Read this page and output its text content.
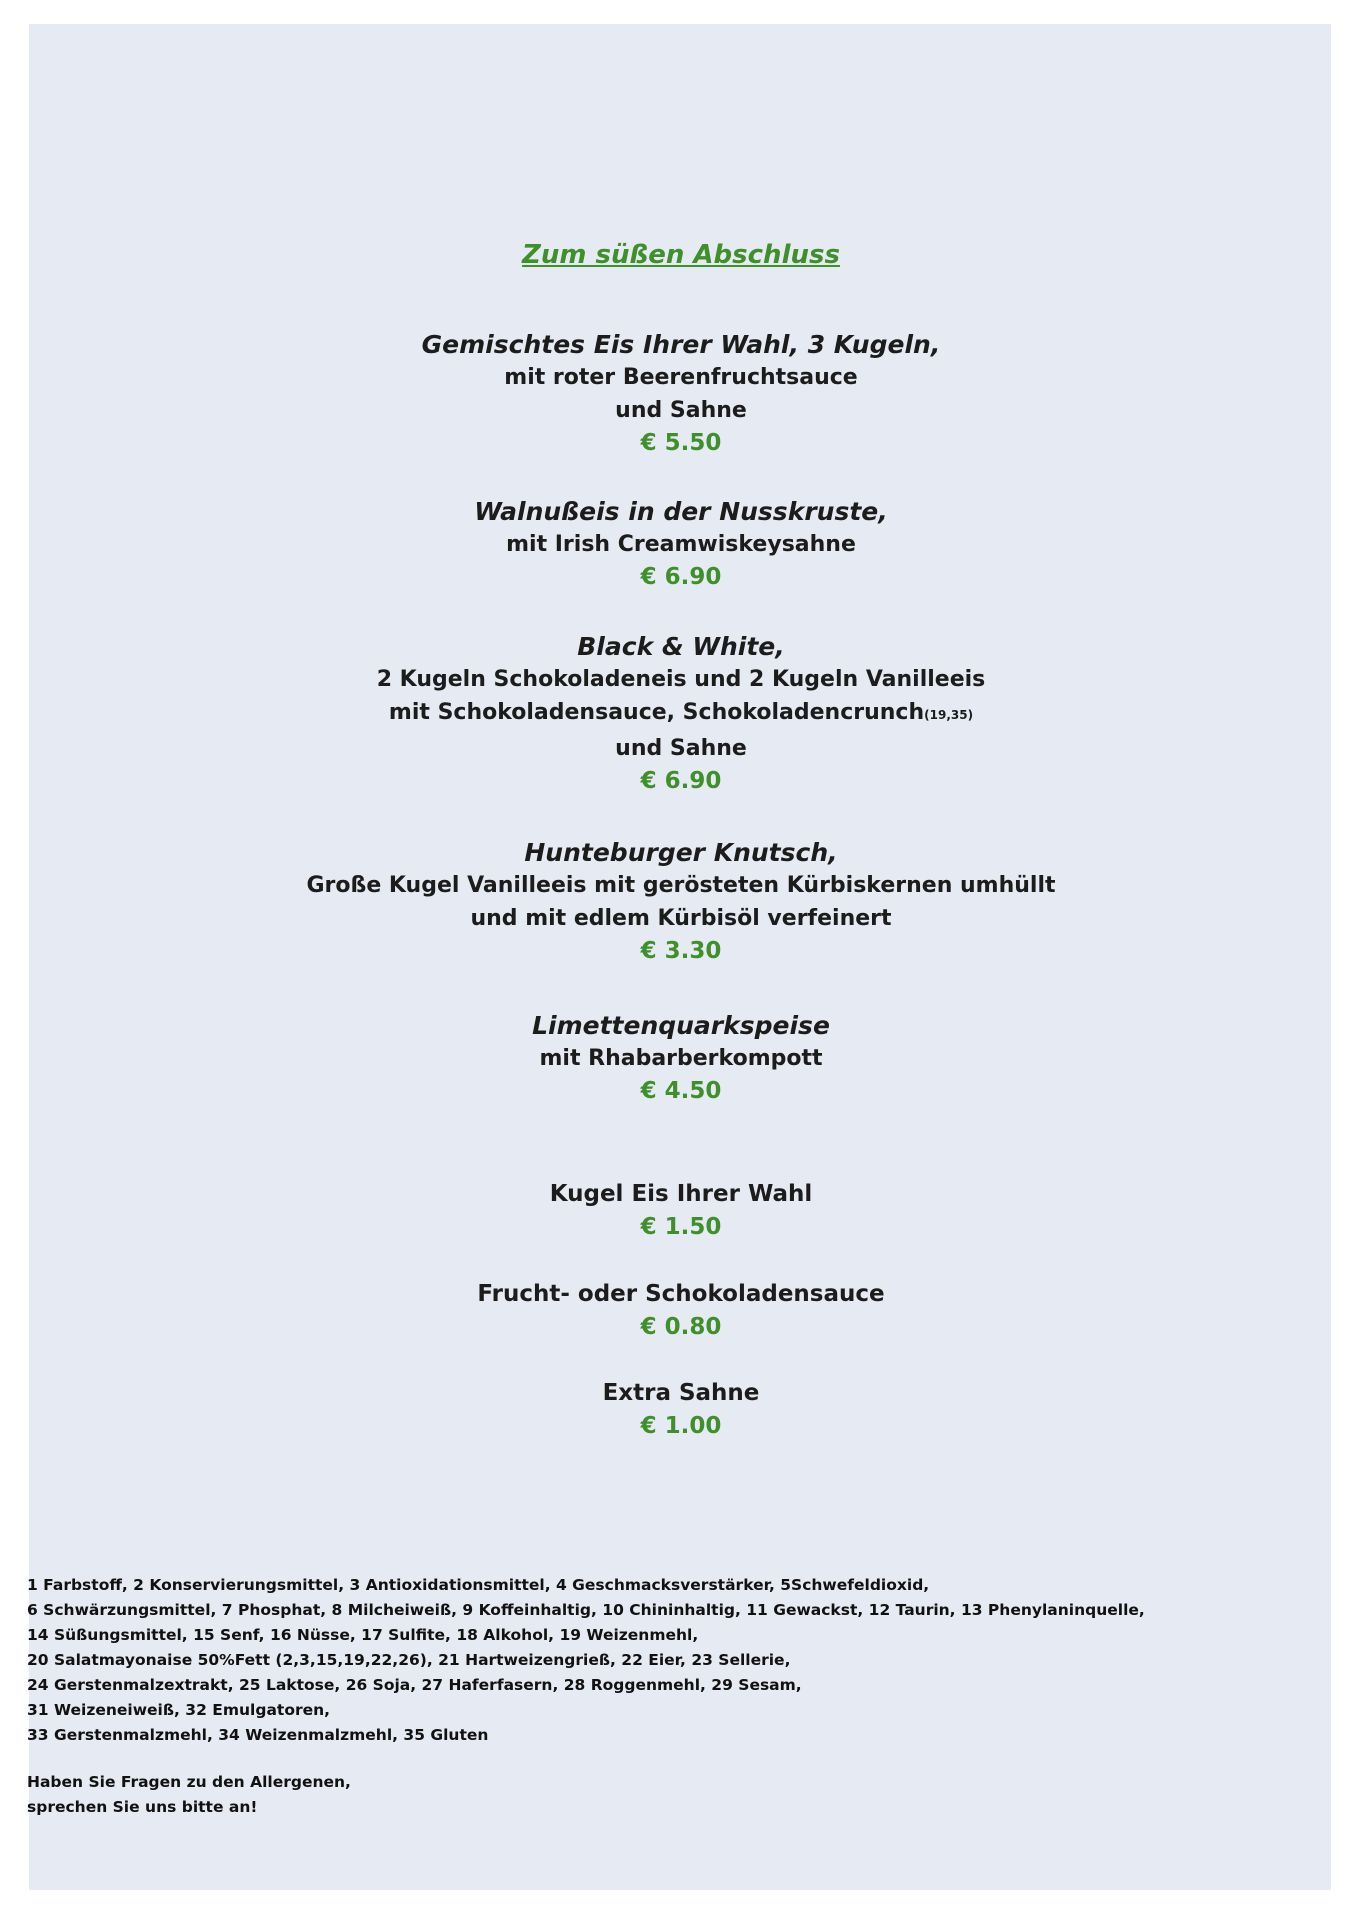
Zum süßen Abschluss
Gemischtes Eis Ihrer Wahl, 3 Kugeln,
mit roter Beerenfruchtsauce
und Sahne
€ 5.50
Walnußeis in der Nusskruste,
mit Irish Creamwiskeysahne
€ 6.90
Black & White,
2 Kugeln Schokoladeneis und 2 Kugeln Vanilleeis
mit Schokoladensauce, Schokoladencrunch(19,35)
und Sahne
€ 6.90
Hunteburger Knutsch,
Große Kugel Vanilleeis mit gerösteten Kürbiskernen umhüllt
und mit edlem Kürbisöl verfeinert
€ 3.30
Limettenquarkspeise
mit Rhabarberkompott
€ 4.50
Kugel Eis Ihrer Wahl
€ 1.50
Frucht- oder Schokoladensauce
€ 0.80
Extra Sahne
€ 1.00
1 Farbstoff, 2 Konservierungsmittel, 3 Antioxidationsmittel, 4 Geschmacksverstärker, 5Schwefeldioxid,
6 Schwärzungsmittel, 7 Phosphat, 8 Milcheiweiß, 9 Koffeinhaltig, 10 Chininhaltig, 11 Gewackst, 12 Taurin, 13 Phenylaninquelle,
14 Süßungsmittel, 15 Senf, 16 Nüsse, 17 Sulfite, 18 Alkohol, 19 Weizenmehl,
20 Salatmayonaise 50%Fett (2,3,15,19,22,26), 21 Hartweizengrieß, 22 Eier, 23 Sellerie,
24 Gerstenmalzextrakt, 25 Laktose, 26 Soja, 27 Haferfasern, 28 Roggenmehl, 29 Sesam,
31 Weizeneiweiß, 32 Emulgatoren,
33 Gerstenmalzmehl, 34 Weizenmalzmehl, 35 Gluten
Haben Sie Fragen zu den Allergenen,
sprechen Sie uns bitte an!
